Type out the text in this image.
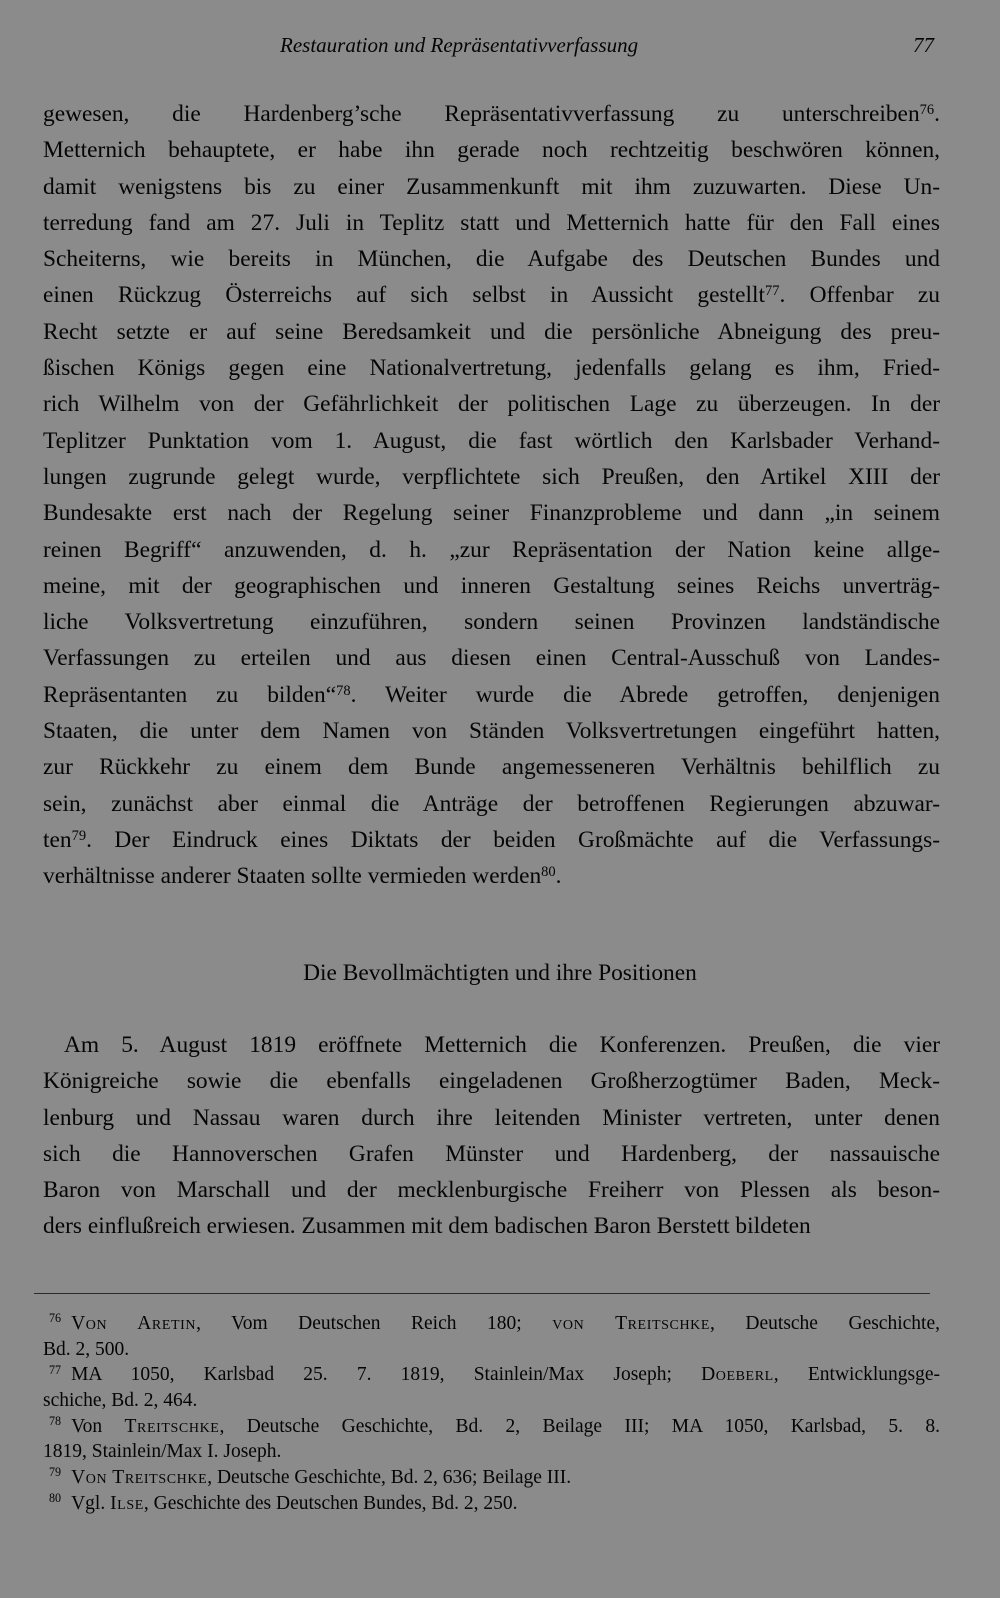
Restauration und Repräsentativverfassung	77
gewesen, die Hardenberg’sche Repräsentativverfassung zu unterschreiben$^{76}$.
Metternich behauptete, er habe ihn gerade noch rechtzeitig beschwören können,
damit wenigstens bis zu einer Zusammenkunft mit ihm zuzuwarten. Diese Un-
terredung fand am 27. Juli in Teplitz statt und Metternich hatte für den Fall eines
Scheiterns, wie bereits in München, die Aufgabe des Deutschen Bundes und
einen Rückzug Österreichs auf sich selbst in Aussicht gestellt$^{77}$. Offenbar zu
Recht setzte er auf seine Beredsamkeit und die persönliche Abneigung des preu-
ßischen Königs gegen eine Nationalvertretung, jedenfalls gelang es ihm, Fried-
rich Wilhelm von der Gefährlichkeit der politischen Lage zu überzeugen. In der
Teplitzer Punktation vom 1. August, die fast wörtlich den Karlsbader Verhand-
lungen zugrunde gelegt wurde, verpflichtete sich Preußen, den Artikel XIII der
Bundesakte erst nach der Regelung seiner Finanzprobleme und dann „in seinem
reinen Begriff“ anzuwenden, d. h. „zur Repräsentation der Nation keine allge-
meine, mit der geographischen und inneren Gestaltung seines Reichs unverträg-
liche Volksvertretung einzuführen, sondern seinen Provinzen landständische
Verfassungen zu erteilen und aus diesen einen Central-Ausschuß von Landes-
Repräsentanten zu bilden“$^{78}$. Weiter wurde die Abrede getroffen, denjenigen
Staaten, die unter dem Namen von Ständen Volksvertretungen eingeführt hatten,
zur Rückkehr zu einem dem Bunde angemesseneren Verhältnis behilflich zu
sein, zunächst aber einmal die Anträge der betroffenen Regierungen abzuwar-
ten$^{79}$. Der Eindruck eines Diktats der beiden Großmächte auf die Verfassungs-
verhältnisse anderer Staaten sollte vermieden werden$^{80}$.
Die Bevollmächtigten und ihre Positionen
Am 5. August 1819 eröffnete Metternich die Konferenzen. Preußen, die vier
Königreiche sowie die ebenfalls eingeladenen Großherzogtümer Baden, Meck-
lenburg und Nassau waren durch ihre leitenden Minister vertreten, unter denen
sich die Hannoverschen Grafen Münster und Hardenberg, der nassauische
Baron von Marschall und der mecklenburgische Freiherr von Plessen als beson-
ders einflußreich erwiesen. Zusammen mit dem badischen Baron Berstett bildeten
$^{76}$ Von Aretin, Vom Deutschen Reich 180; von Treitschke, Deutsche Geschichte,
Bd. 2, 500.
$^{77}$ MA 1050, Karlsbad 25. 7. 1819, Stainlein/Max Joseph; Doeberl, Entwicklungsge-
schiche, Bd. 2, 464.
$^{78}$ Von Treitschke, Deutsche Geschichte, Bd. 2, Beilage III; MA 1050, Karlsbad, 5. 8.
1819, Stainlein/Max I. Joseph.
$^{79}$ Von Treitschke, Deutsche Geschichte, Bd. 2, 636; Beilage III.
$^{80}$ Vgl. Ilse, Geschichte des Deutschen Bundes, Bd. 2, 250.
